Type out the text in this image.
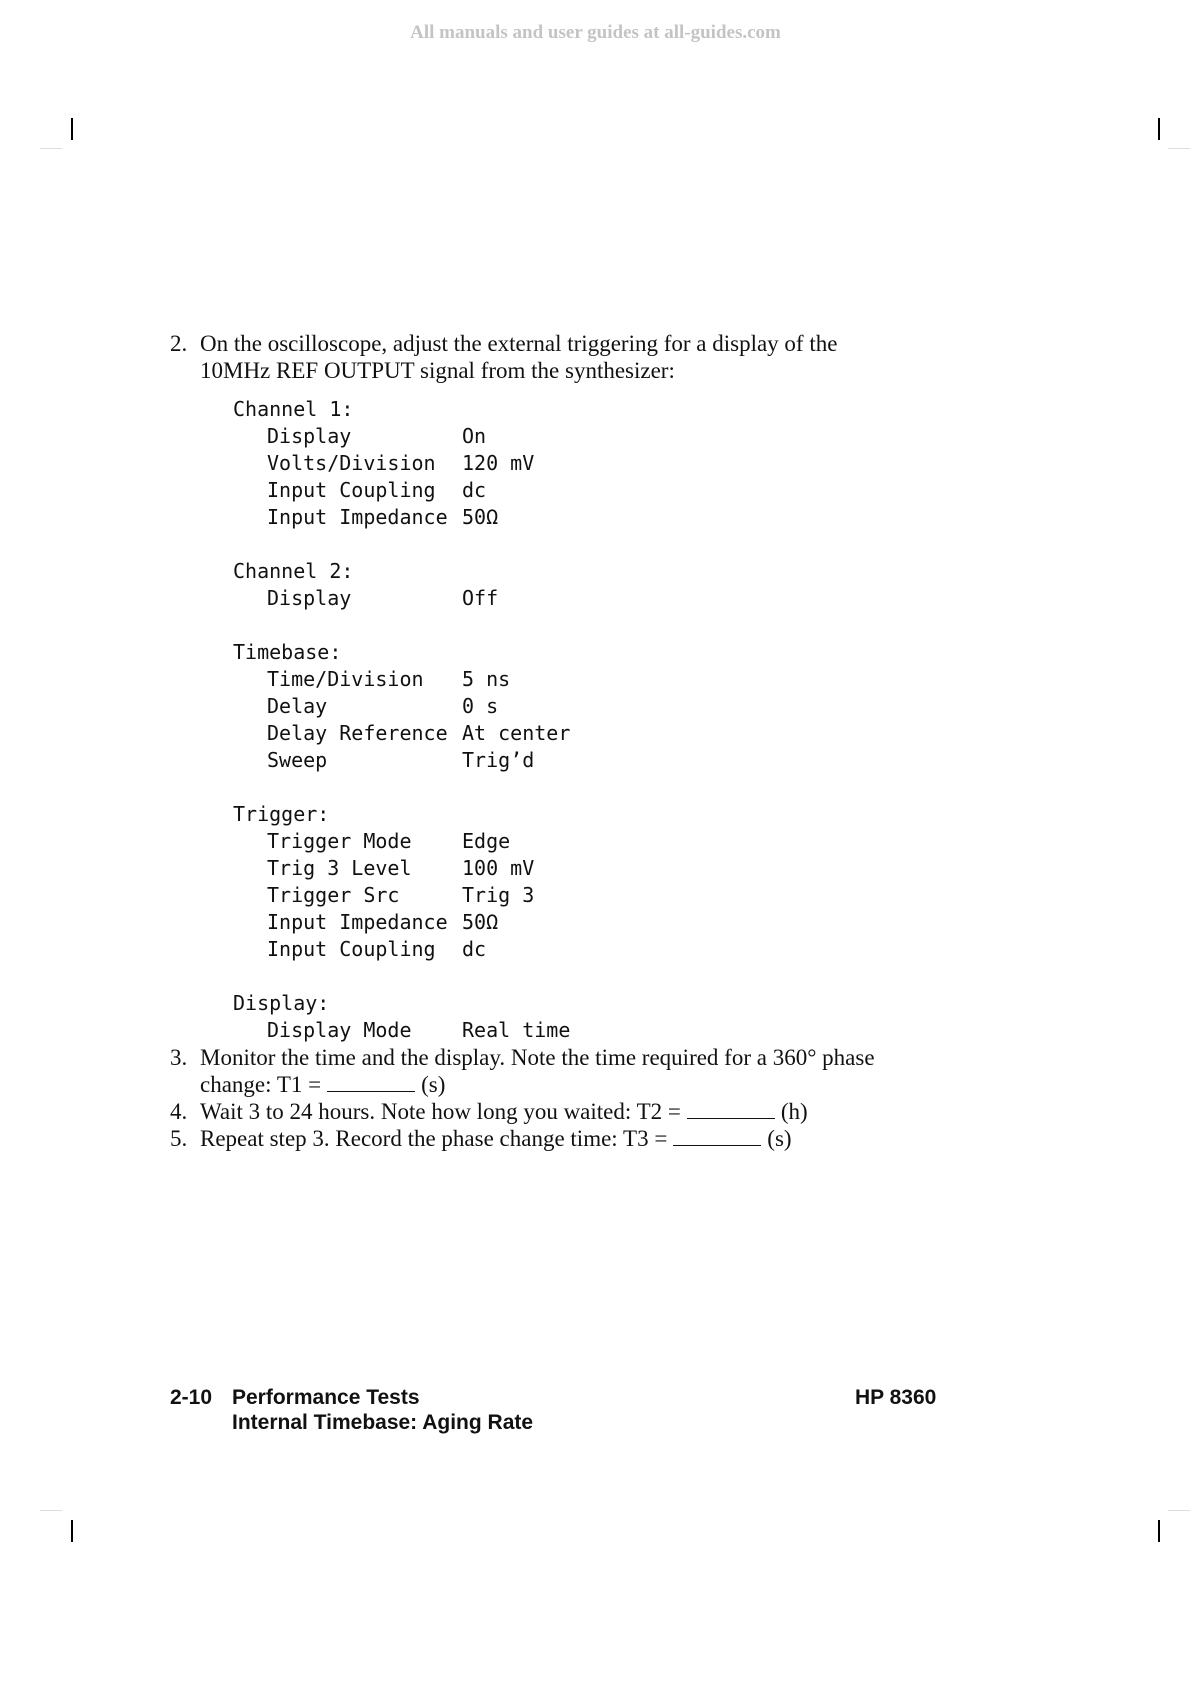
All manuals and user guides at all-guides.com
2. On the oscilloscope, adjust the external triggering for a display of the
10MHz REF OUTPUT signal from the synthesizer:
Channel 1:
Display	On
Volts/Division 120 mV
Input Coupling dc
Input Impedance 50Ω
Channel 2:
Display	Off
Timebase:
Time/Division 5 ns
Delay	0 s
Delay Reference At center
Sweep	Trig’d
Trigger:
Trigger Mode	Edge
Trig 3 Level	100 mV
Trigger Src	Trig 3
Input Impedance 50Ω
Input Coupling dc
Display:
Display Mode	Real time
3. Monitor the time and the display. Note the time required for a 360° phase
change: T1 =	(s)
4. Wait 3 to 24 hours. Note how long you waited: T2 =	(h)
5. Repeat step 3. Record the phase change time: T3 =	(s)
2-10 Performance Tests
Internal Timebase: Aging Rate
HP 8360
